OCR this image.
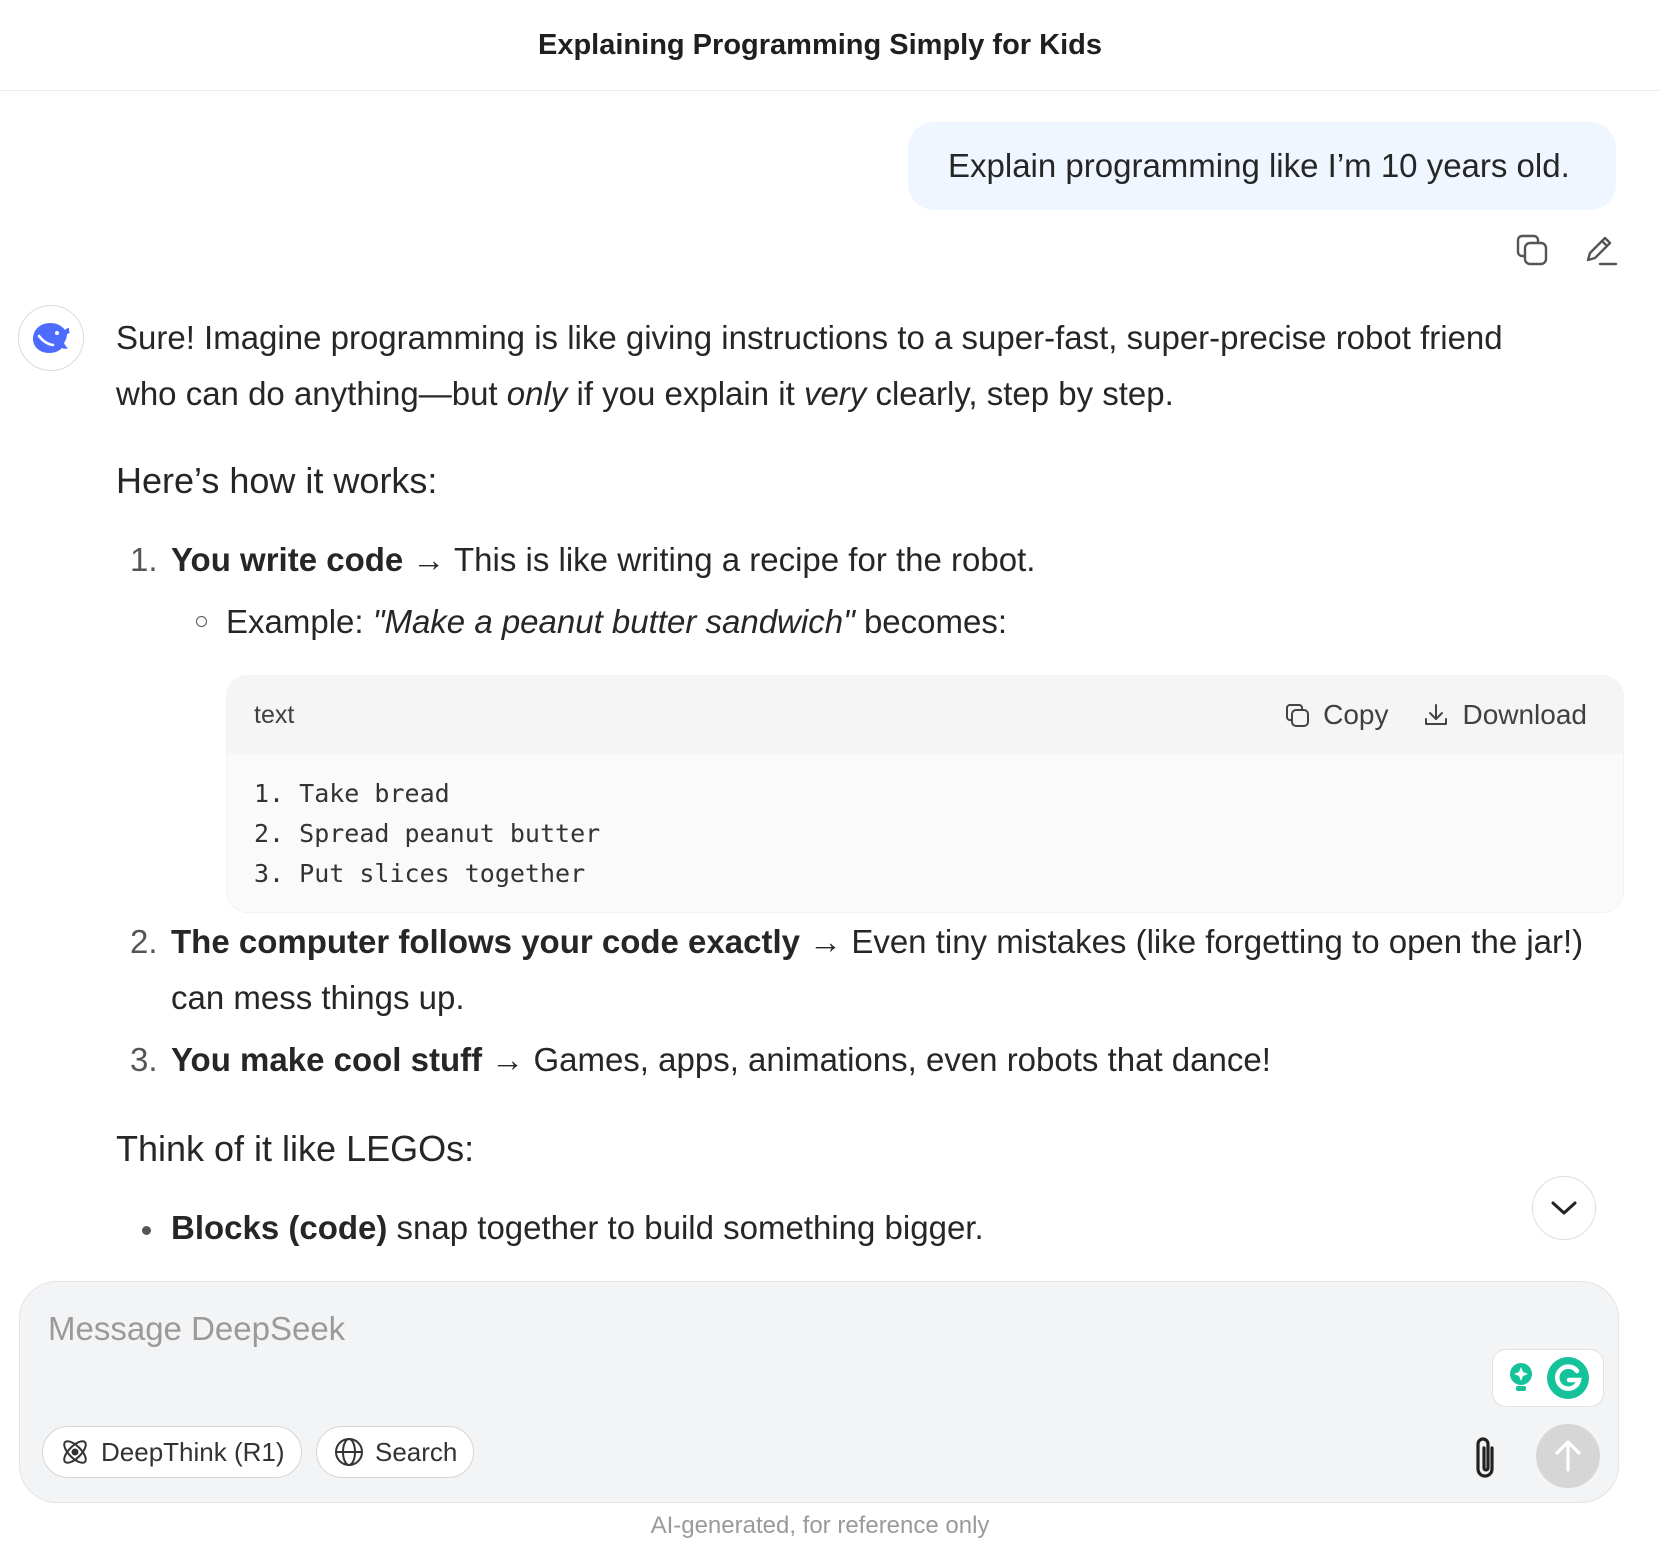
Explaining Programming Simply for Kids
Explain programming like I’m 10 years old.

Sure! Imagine programming is like giving instructions to a super-fast, super-precise robot friend
who can do anything—but only if you explain it very clearly, step by step.

Here’s how it works:
1. You write code → This is like writing a recipe for the robot.
Example: "Make a peanut butter sandwich" becomes:
2. The computer follows your code exactly → Even tiny mistakes (like forgetting to open the jar!)
can mess things up.
3. You make cool stuff → Games, apps, animations, even robots that dance!
Think of it like LEGOs:
Blocks (code) snap together to build something bigger.
text	Copy	Download
1. Take bread
2. Spread peanut butter
3. Put slices together
Message DeepSeek
DeepThink (R1)	Search
AI-generated, for reference only
